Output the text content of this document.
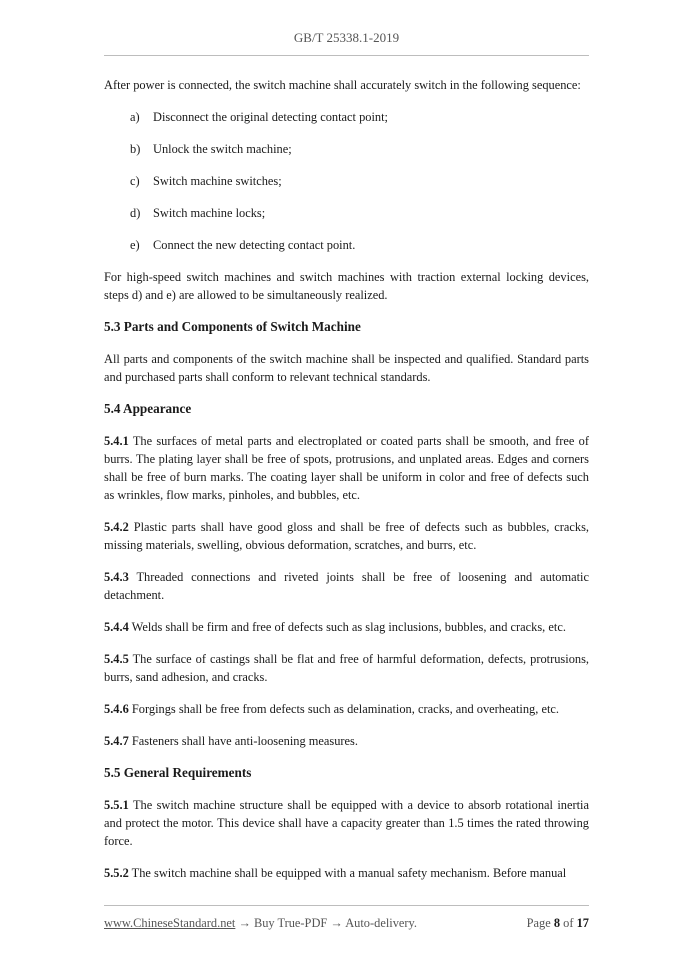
GB/T 25338.1-2019

After power is connected, the switch machine shall accurately switch in the following sequence:

a)	Disconnect the original detecting contact point;
b)	Unlock the switch machine;
c)	Switch machine switches;
d)	Switch machine locks;
e)	Connect the new detecting contact point.

For high-speed switch machines and switch machines with traction external locking devices, steps d) and e) are allowed to be simultaneously realized.

5.3 Parts and Components of Switch Machine

All parts and components of the switch machine shall be inspected and qualified. Standard parts and purchased parts shall conform to relevant technical standards.

5.4 Appearance

5.4.1 The surfaces of metal parts and electroplated or coated parts shall be smooth, and free of burrs. The plating layer shall be free of spots, protrusions, and unplated areas. Edges and corners shall be free of burn marks. The coating layer shall be uniform in color and free of defects such as wrinkles, flow marks, pinholes, and bubbles, etc.

5.4.2 Plastic parts shall have good gloss and shall be free of defects such as bubbles, cracks, missing materials, swelling, obvious deformation, scratches, and burrs, etc.

5.4.3 Threaded connections and riveted joints shall be free of loosening and automatic detachment.

5.4.4 Welds shall be firm and free of defects such as slag inclusions, bubbles, and cracks, etc.

5.4.5 The surface of castings shall be flat and free of harmful deformation, defects, protrusions, burrs, sand adhesion, and cracks.

5.4.6 Forgings shall be free from defects such as delamination, cracks, and overheating, etc.

5.4.7 Fasteners shall have anti-loosening measures.

5.5 General Requirements

5.5.1 The switch machine structure shall be equipped with a device to absorb rotational inertia and protect the motor. This device shall have a capacity greater than 1.5 times the rated throwing force.

5.5.2 The switch machine shall be equipped with a manual safety mechanism. Before manual

www.ChineseStandard.net → Buy True-PDF → Auto-delivery.	Page 8 of 17
